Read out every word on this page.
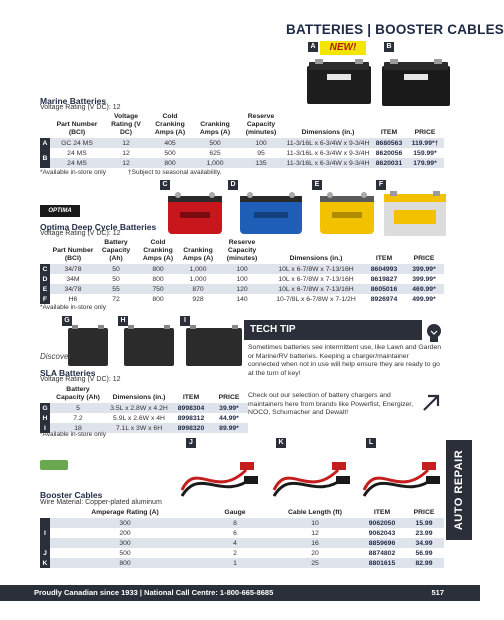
BATTERIES | BOOSTER CABLES
A	NEW!	B
Marine Batteries
Voltage Rating (V DC): 12
	Part Number (BCI)	Voltage Rating (V DC)	Cold Cranking Amps (A)	Cranking Amps (A)	Reserve Capacity (minutes)	Dimensions (in.)	ITEM	PRICE
A	GC 24 MS	12	405	500	100	11-3/16L x 6-3/4W x 9-3/4H	8680563	119.99*†
B	24 MS	12	500	625	95	11-3/16L x 6-3/4W x 9-3/4H	8620056	159.99*
	24 MS	12	800	1,000	135	11-3/16L x 6-3/4W x 9-3/4H	8620031	179.99*
*Available in-store only	†Subject to seasonal availability.
C	D	E	F
OPTIMA
Optima Deep Cycle Batteries
Voltage Rating (V DC): 12
	Part Number (BCI)	Battery Capacity (Ah)	Cold Cranking Amps (A)	Cranking Amps (A)	Reserve Capacity (minutes)	Dimensions (in.)	ITEM	PRICE
C	34/78	50	800	1,000	100	10L x 6-7/8W x 7-13/16H	8604993	399.99*
D	34M	50	800	1,000	100	10L x 6-7/8W x 7-13/16H	8619827	399.99*
E	34/78	55	750	870	120	10L x 6-7/8W x 7-13/16H	8605016	469.99*
F	H6	72	800	928	140	10-7/8L x 6-7/8W x 7-1/2H	8926974	499.99*
*Available in-store only
G	H	I
Discover
SLA Batteries
Voltage Rating (V DC): 12
	Battery Capacity (Ah)	Dimensions (in.)	ITEM	PRICE
G	5	3.5L x 2.8W x 4.2H	8998304	39.99*
H	7.2	5.9L x 2.6W x 4H	8998312	44.99*
I	18	7.1L x 3W x 6H	8998320	89.99*
*Available in-store only
TECH TIP
Sometimes batteries see intermittent use, like Lawn and Garden or Marine/RV batteries. Keeping a charger/maintainer connected when not in use will help ensure they are ready to go at the turn of key!
Check out our selection of battery chargers and maintainers here from brands like Powerfist, Energizer, NOCO, Schumacher and Dewalt!
J	K	L
Booster Cables
Wire Material: Copper-plated aluminum
	Amperage Rating (A)	Gauge	Cable Length (ft)	ITEM	PRICE
I	300	8	10	9062050	15.99
	200	6	12	9062043	23.99
	300	4	16	8859696	34.99
J	500	2	20	8874802	56.99
K	800	1	25	8801615	82.99
AUTO REPAIR
Proudly Canadian since 1933 | National Call Centre: 1-800-665-8685	517
